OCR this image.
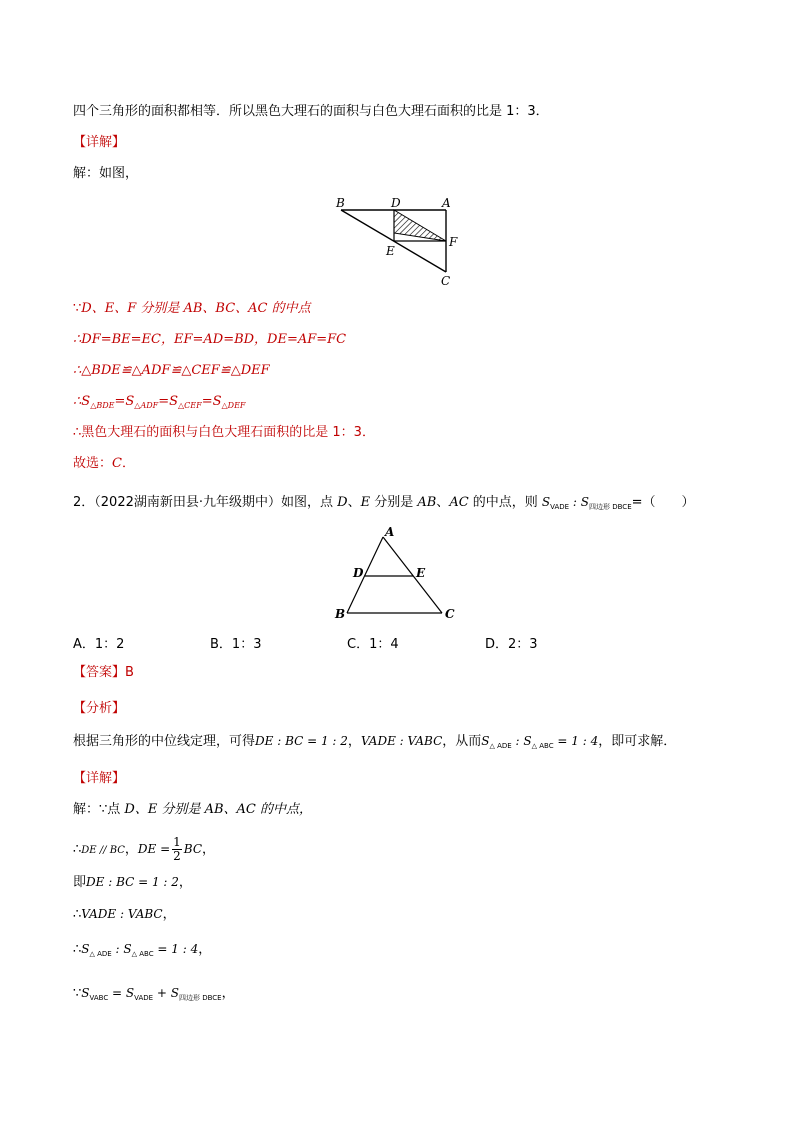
四个三角形的面积都相等．所以黑色大理石的面积与白色大理石面积的比是 1：3．
【详解】
解：如图，
B	D	A
F
E
C
∵D、E、F 分别是 AB、BC、AC 的中点
∴DF=BE=EC，EF=AD=BD，DE=AF=FC
∴△BDE≌△ADF≌△CEF≌△DEF
$\therefore S_{\triangle BDE}=S_{\triangle ADF}=S_{\triangle CEF}=S_{\triangle DEF}$
∴黑色大理石的面积与白色大理石面积的比是 1：3．
故选：C．
2．（2022湖南新田县·九年级期中）如图，点 D、E 分别是 AB、AC 的中点，则 $S_{VADE}$ : $S_{四边形 DBCE}=$（　　）
A
D	E
B	C
A．1：2	B．1：3	C．1：4	D．2：3
【答案】B
【分析】
根据三角形的中位线定理，可得DE : BC = 1 : 2，VADE : VABC，从而$S_{\triangle ADE}$ : $S_{\triangle ABC} = 1$ : 4，即可求解．
【详解】
解：∵点 D、E 分别是 AB、AC 的中点，
∴DE // BC，DE = $\frac{1}{2}$ BC，
即DE : BC = 1 : 2，
∴VADE : VABC，
$\therefore S_{\triangle ADE}$ : $S_{\triangle ABC} = 1$ : 4，
$\because S_{VABC} = S_{VADE} + S_{四边形 DBCE}$，
